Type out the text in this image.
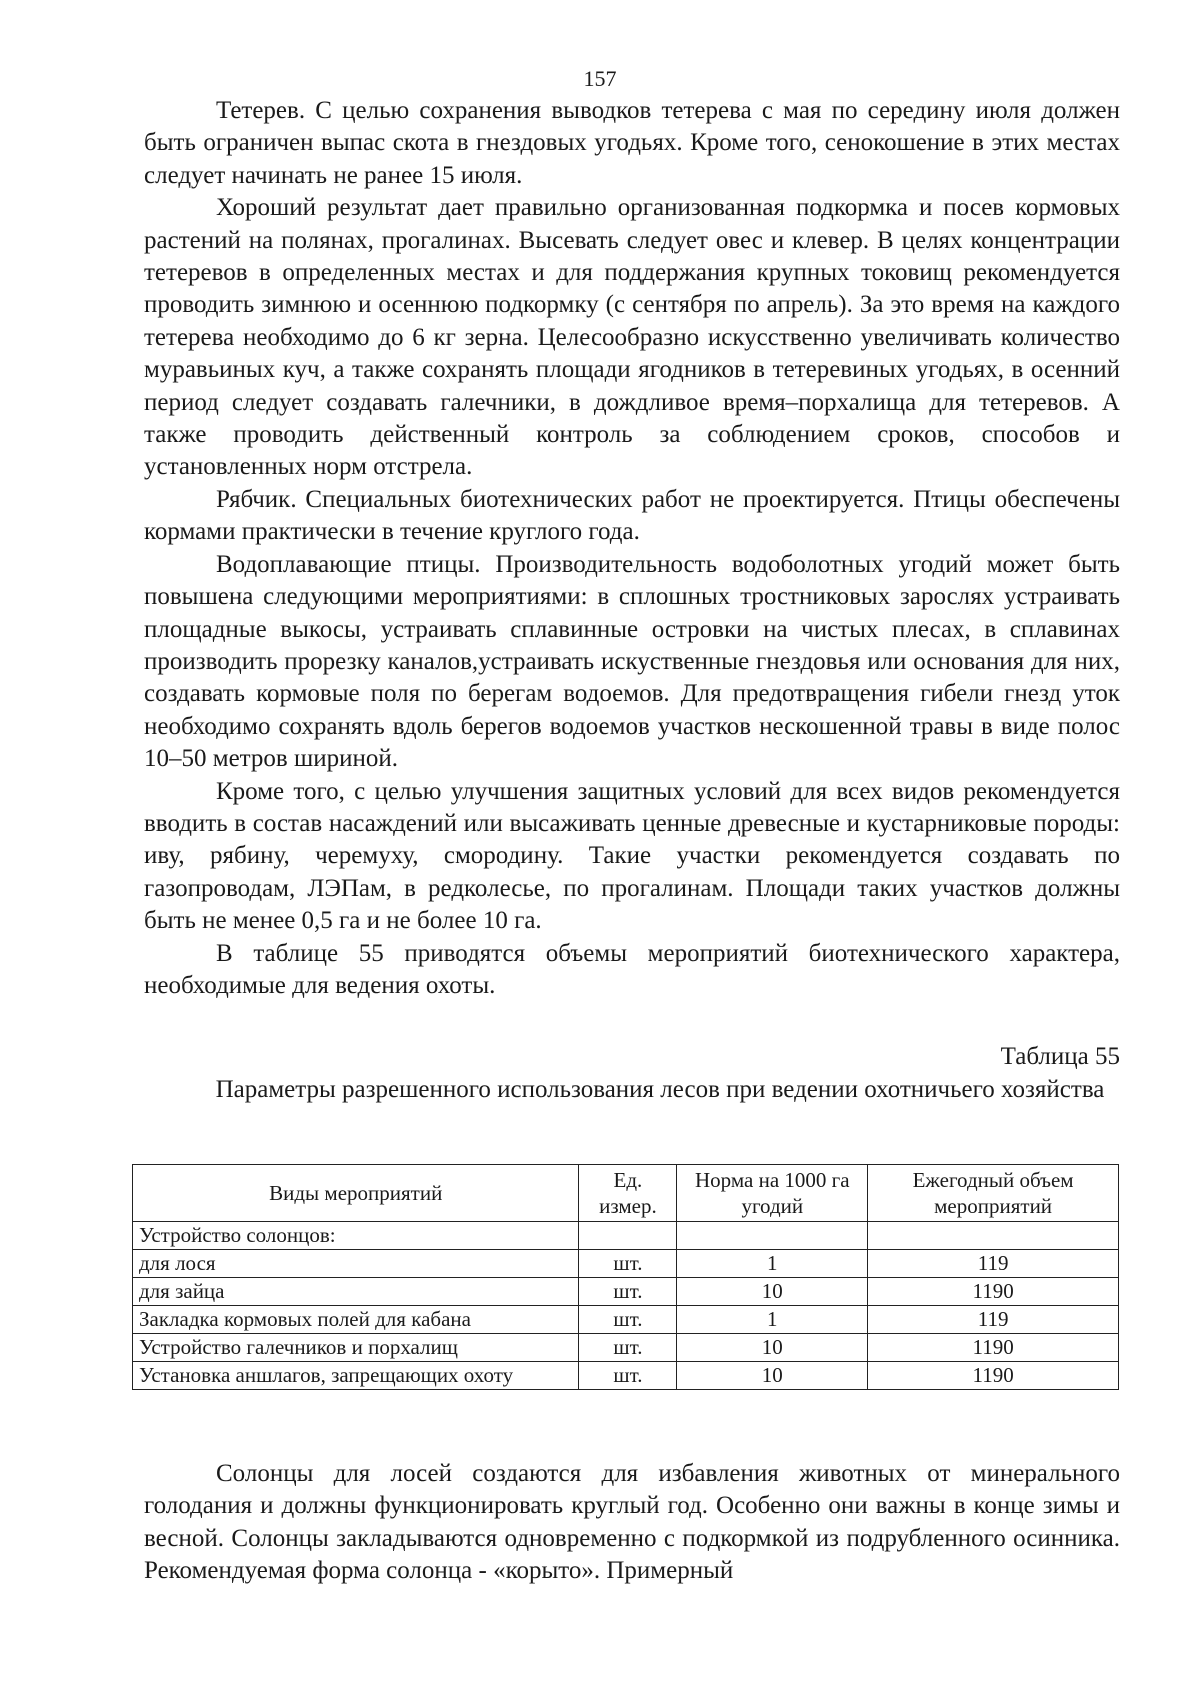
157

Тетерев. С целью сохранения выводков тетерева с мая по середину июля должен быть ограничен выпас скота в гнездовых угодьях. Кроме того, сенокошение в этих местах следует начинать не ранее 15 июля.

Хороший результат дает правильно организованная подкормка и посев кормовых растений на полянах, прогалинах. Высевать следует овес и клевер. В целях концентрации тетеревов в определенных местах и для поддержания крупных токовищ рекомендуется проводить зимнюю и осеннюю подкормку (с сентября по апрель). За это время на каждого тетерева необходимо до 6 кг зерна. Целесообразно искусственно увеличивать количество муравьиных куч, а также сохранять площади ягодников в тетеревиных угодьях, в осенний период следует создавать галечники, в дождливое время–порхалища для тетеревов. А также проводить действенный контроль за соблюдением сроков, способов и установленных норм отстрела.

Рябчик. Специальных биотехнических работ не проектируется. Птицы обеспечены кормами практически в течение круглого года.

Водоплавающие птицы. Производительность водоболотных угодий может быть повышена следующими мероприятиями: в сплошных тростниковых зарослях устраивать площадные выкосы, устраивать сплавинные островки на чистых плесах, в сплавинах производить прорезку каналов,устраивать искуственные гнездовья или основания для них, создавать кормовые поля по берегам водоемов. Для предотвращения гибели гнезд уток необходимо сохранять вдоль берегов водоемов участков нескошенной травы в виде полос 10–50 метров шириной.

Кроме того, с целью улучшения защитных условий для всех видов рекомендуется вводить в состав насаждений или высаживать ценные древесные и кустарниковые породы: иву, рябину, черемуху, смородину. Такие участки рекомендуется создавать по газопроводам, ЛЭПам, в редколесье, по прогалинам. Площади таких участков должны быть не менее 0,5 га и не более 10 га.

В таблице 55 приводятся объемы мероприятий биотехнического характера, необходимые для ведения охоты.

Таблица 55
Параметры разрешенного использования лесов при ведении охотничьего хозяйства
Виды мероприятий	Ед. измер.	Норма на 1000 га угодий	Ежегодный объем мероприятий
Устройство солонцов:			
для лося	шт.	1	119
для зайца	шт.	10	1190
Закладка кормовых полей для кабана	шт.	1	119
Устройство галечников и порхалищ	шт.	10	1190
Установка аншлагов, запрещающих охоту	шт.	10	1190

Солонцы для лосей создаются для избавления животных от минерального голодания и должны функционировать круглый год. Особенно они важны в конце зимы и весной. Солонцы закладываются одновременно с подкормкой из подрубленного осинника. Рекомендуемая форма солонца - «корыто». Примерный
